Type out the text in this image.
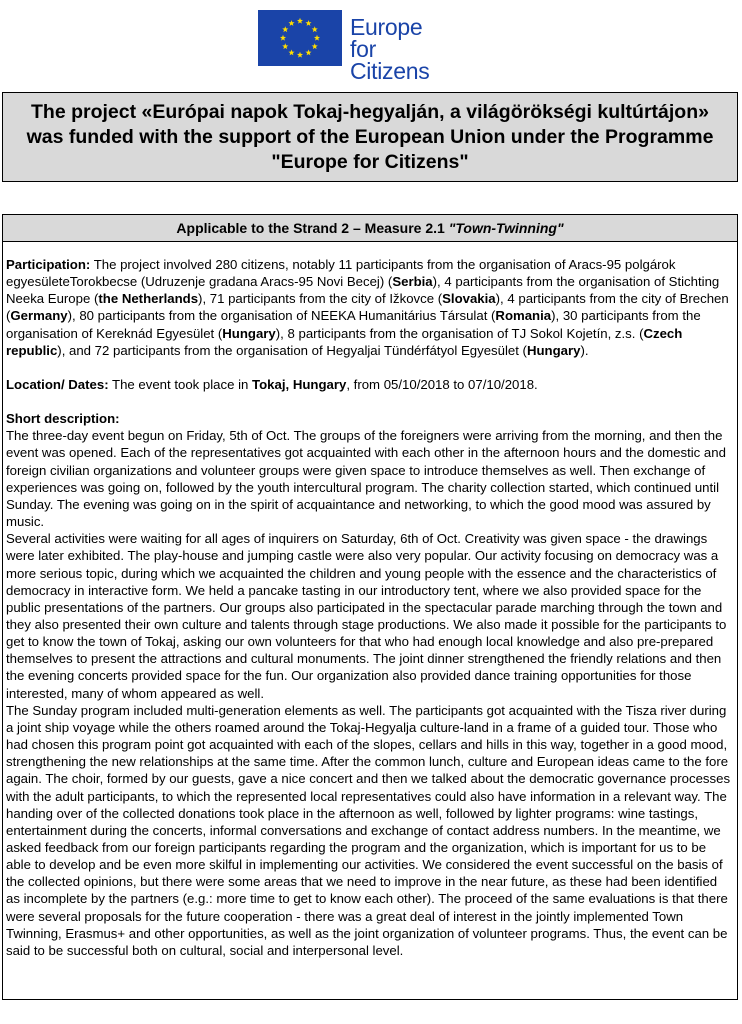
Europe
for Citizens

The project «Európai napok Tokaj-hegyalján, a világörökségi kultúrtájon» was funded with the support of the European Union under the Programme "Europe for Citizens"

Applicable to the Strand 2 – Measure 2.1 "Town-Twinning"

Participation: The project involved 280 citizens, notably 11 participants from the organisation of Aracs-95 polgárok egyesületeTorokbecse (Udruzenje gradana Aracs-95 Novi Becej) (Serbia), 4 participants from the organisation of Stichting Neeka Europe (the Netherlands), 71 participants from the city of Ižkovce (Slovakia), 4 participants from the city of Brechen (Germany), 80 participants from the organisation of NEEKA Humanitárius Társulat (Romania), 30 participants from the organisation of Kereknád Egyesület (Hungary), 8 participants from the organisation of TJ Sokol Kojetín, z.s. (Czech republic), and 72 participants from the organisation of Hegyaljai Tündérfátyol Egyesület (Hungary).

Location/ Dates: The event took place in Tokaj, Hungary, from 05/10/2018 to 07/10/2018.

Short description:

The three-day event begun on Friday, 5th of Oct. The groups of the foreigners were arriving from the morning, and then the event was opened. Each of the representatives got acquainted with each other in the afternoon hours and the domestic and foreign civilian organizations and volunteer groups were given space to introduce themselves as well. Then exchange of experiences was going on, followed by the youth intercultural program. The charity collection started, which continued until Sunday. The evening was going on in the spirit of acquaintance and networking, to which the good mood was assured by music.

Several activities were waiting for all ages of inquirers on Saturday, 6th of Oct. Creativity was given space - the drawings were later exhibited. The play-house and jumping castle were also very popular. Our activity focusing on democracy was a more serious topic, during which we acquainted the children and young people with the essence and the characteristics of democracy in interactive form. We held a pancake tasting in our introductory tent, where we also provided space for the public presentations of the partners. Our groups also participated in the spectacular parade marching through the town and they also presented their own culture and talents through stage productions. We also made it possible for the participants to get to know the town of Tokaj, asking our own volunteers for that who had enough local knowledge and also pre-prepared themselves to present the attractions and cultural monuments. The joint dinner strengthened the friendly relations and then the evening concerts provided space for the fun. Our organization also provided dance training opportunities for those interested, many of whom appeared as well.

The Sunday program included multi-generation elements as well. The participants got acquainted with the Tisza river during a joint ship voyage while the others roamed around the Tokaj-Hegyalja culture-land in a frame of a guided tour. Those who had chosen this program point got acquainted with each of the slopes, cellars and hills in this way, together in a good mood, strengthening the new relationships at the same time. After the common lunch, culture and European ideas came to the fore again. The choir, formed by our guests, gave a nice concert and then we talked about the democratic governance processes with the adult participants, to which the represented local representatives could also have information in a relevant way. The handing over of the collected donations took place in the afternoon as well, followed by lighter programs: wine tastings, entertainment during the concerts, informal conversations and exchange of contact address numbers. In the meantime, we asked feedback from our foreign participants regarding the program and the organization, which is important for us to be able to develop and be even more skilful in implementing our activities. We considered the event successful on the basis of the collected opinions, but there were some areas that we need to improve in the near future, as these had been identified as incomplete by the partners (e.g.: more time to get to know each other). The proceed of the same evaluations is that there were several proposals for the future cooperation - there was a great deal of interest in the jointly implemented Town Twinning, Erasmus+ and other opportunities, as well as the joint organization of volunteer programs. Thus, the event can be said to be successful both on cultural, social and interpersonal level.
